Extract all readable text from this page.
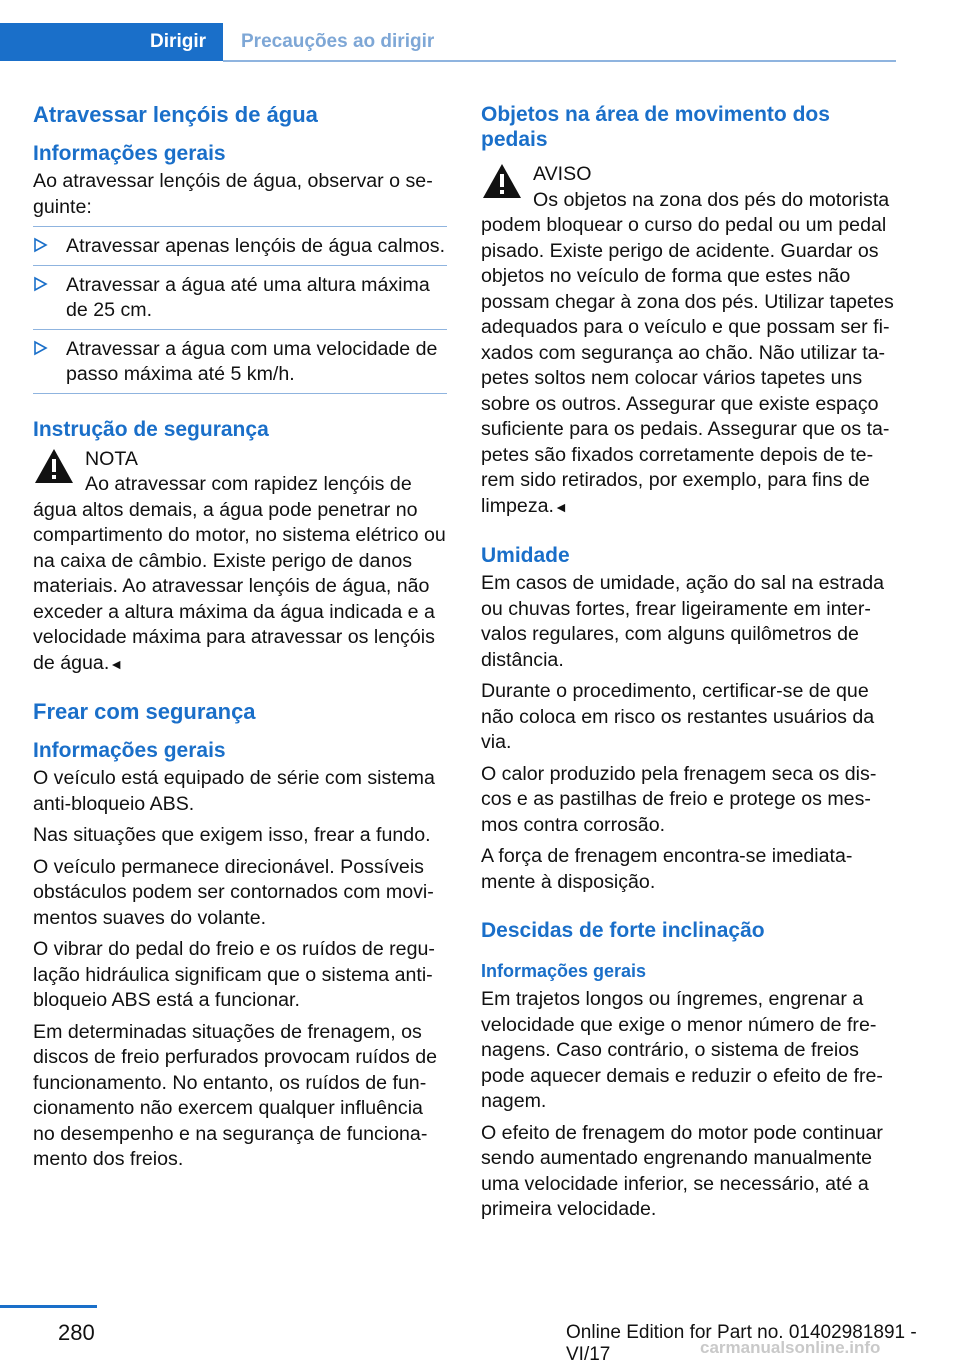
Dirigir Precauções ao dirigir
Atravessar lençóis de água
Informações gerais

Ao atravessar lençóis de água, observar o seguinte:

Atravessar apenas lençóis de água calmos.
Atravessar a água até uma altura máxima de 25 cm.
Atravessar a água com uma velocidade de passo máxima até 5 km/h.
Instrução de segurança
NOTA
Ao atravessar com rapidez lençóis de água altos demais, a água pode penetrar no compartimento do motor, no sistema elétrico ou na caixa de câmbio. Existe perigo de danos materiais. Ao atravessar lençóis de água, não exceder a altura máxima da água indicada e a velocidade máxima para atravessar os lençóis de água.◄
Frear com segurança
Informações gerais

O veículo está equipado de série com sistema anti-bloqueio ABS.

Nas situações que exigem isso, frear a fundo.

O veículo permanece direcionável. Possíveis obstáculos podem ser contornados com movimentos suaves do volante.

O vibrar do pedal do freio e os ruídos de regulação hidráulica significam que o sistema anti-bloqueio ABS está a funcionar.

Em determinadas situações de frenagem, os discos de freio perfurados provocam ruídos de funcionamento. No entanto, os ruídos de funcionamento não exercem qualquer influência no desempenho e na segurança de funcionamento dos freios.

Objetos na área de movimento dos pedais
AVISO
Os objetos na zona dos pés do motorista podem bloquear o curso do pedal ou um pedal pisado. Existe perigo de acidente. Guardar os objetos no veículo de forma que estes não possam chegar à zona dos pés. Utilizar tapetes adequados para o veículo e que possam ser fixados com segurança ao chão. Não utilizar tapetes soltos nem colocar vários tapetes uns sobre os outros. Assegurar que existe espaço suficiente para os pedais. Assegurar que os tapetes são fixados corretamente depois de terem sido retirados, por exemplo, para fins de limpeza.◄
Umidade

Em casos de umidade, ação do sal na estrada ou chuvas fortes, frear ligeiramente em intervalos regulares, com alguns quilômetros de distância.

Durante o procedimento, certificar-se de que não coloca em risco os restantes usuários da via.

O calor produzido pela frenagem seca os discos e as pastilhas de freio e protege os mesmos contra corrosão.

A força de frenagem encontra-se imediatamente à disposição.

Descidas de forte inclinação
Informações gerais

Em trajetos longos ou íngremes, engrenar a velocidade que exige o menor número de frenagens. Caso contrário, o sistema de freios pode aquecer demais e reduzir o efeito de frenagem.

O efeito de frenagem do motor pode continuar sendo aumentado engrenando manualmente uma velocidade inferior, se necessário, até a primeira velocidade.

280	Online Edition for Part no. 01402981891 - VI/17	carmanualsonline.info
